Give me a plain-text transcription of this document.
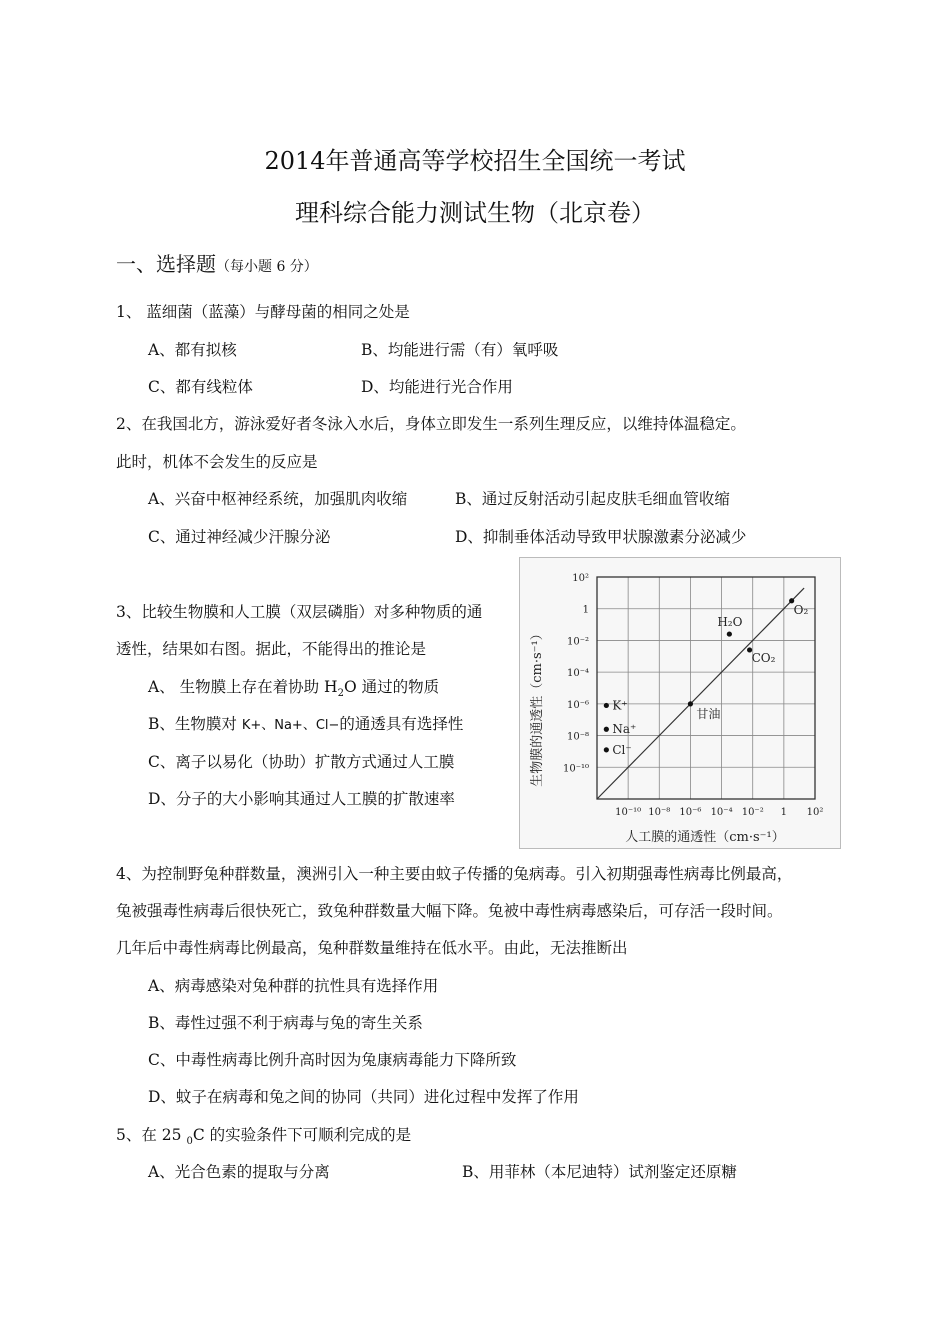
2014年普通高等学校招生全国统一考试
理科综合能力测试生物（北京卷）
一、选择题（每小题 6 分）
1、 蓝细菌（蓝藻）与酵母菌的相同之处是
A、都有拟核	B、均能进行需（有）氧呼吸
C、都有线粒体	D、均能进行光合作用
2、在我国北方，游泳爱好者冬泳入水后，身体立即发生一系列生理反应，以维持体温稳定。
此时，机体不会发生的反应是
A、兴奋中枢神经系统，加强肌肉收缩	B、通过反射活动引起皮肤毛细血管收缩
C、通过神经减少汗腺分泌	D、抑制垂体活动导致甲状腺激素分泌减少
3、比较生物膜和人工膜（双层磷脂）对多种物质的通
透性，结果如右图。据此，不能得出的推论是
A、 生物膜上存在着协助 $H_2O$ 通过的物质
B、生物膜对 K+、Na+、Cl−的通透具有选择性
C、离子以易化（协助）扩散方式通过人工膜
D、分子的大小影响其通过人工膜的扩散速率
10⁻¹⁰ 10⁻⁸ 10⁻⁶ 10⁻⁴ 10⁻² 1 10²
10²
1
10⁻²
10⁻⁴
10⁻⁶
10⁻⁸
10⁻¹⁰
O₂
H₂O
CO₂
甘油
K⁺
Na⁺
Cl⁻
人工膜的通透性（cm·s⁻¹）
生物膜的通透性（cm·s⁻¹）
4、为控制野兔种群数量，澳洲引入一种主要由蚊子传播的兔病毒。引入初期强毒性病毒比例最高，
兔被强毒性病毒后很快死亡，致兔种群数量大幅下降。兔被中毒性病毒感染后，可存活一段时间。
几年后中毒性病毒比例最高，兔种群数量维持在低水平。由此，无法推断出
A、病毒感染对兔种群的抗性具有选择作用
B、毒性过强不利于病毒与兔的寄生关系
C、中毒性病毒比例升高时因为兔康病毒能力下降所致
D、蚊子在病毒和兔之间的协同（共同）进化过程中发挥了作用
5、在 25 $_0$C 的实验条件下可顺利完成的是
A、光合色素的提取与分离	B、用菲林（本尼迪特）试剂鉴定还原糖
